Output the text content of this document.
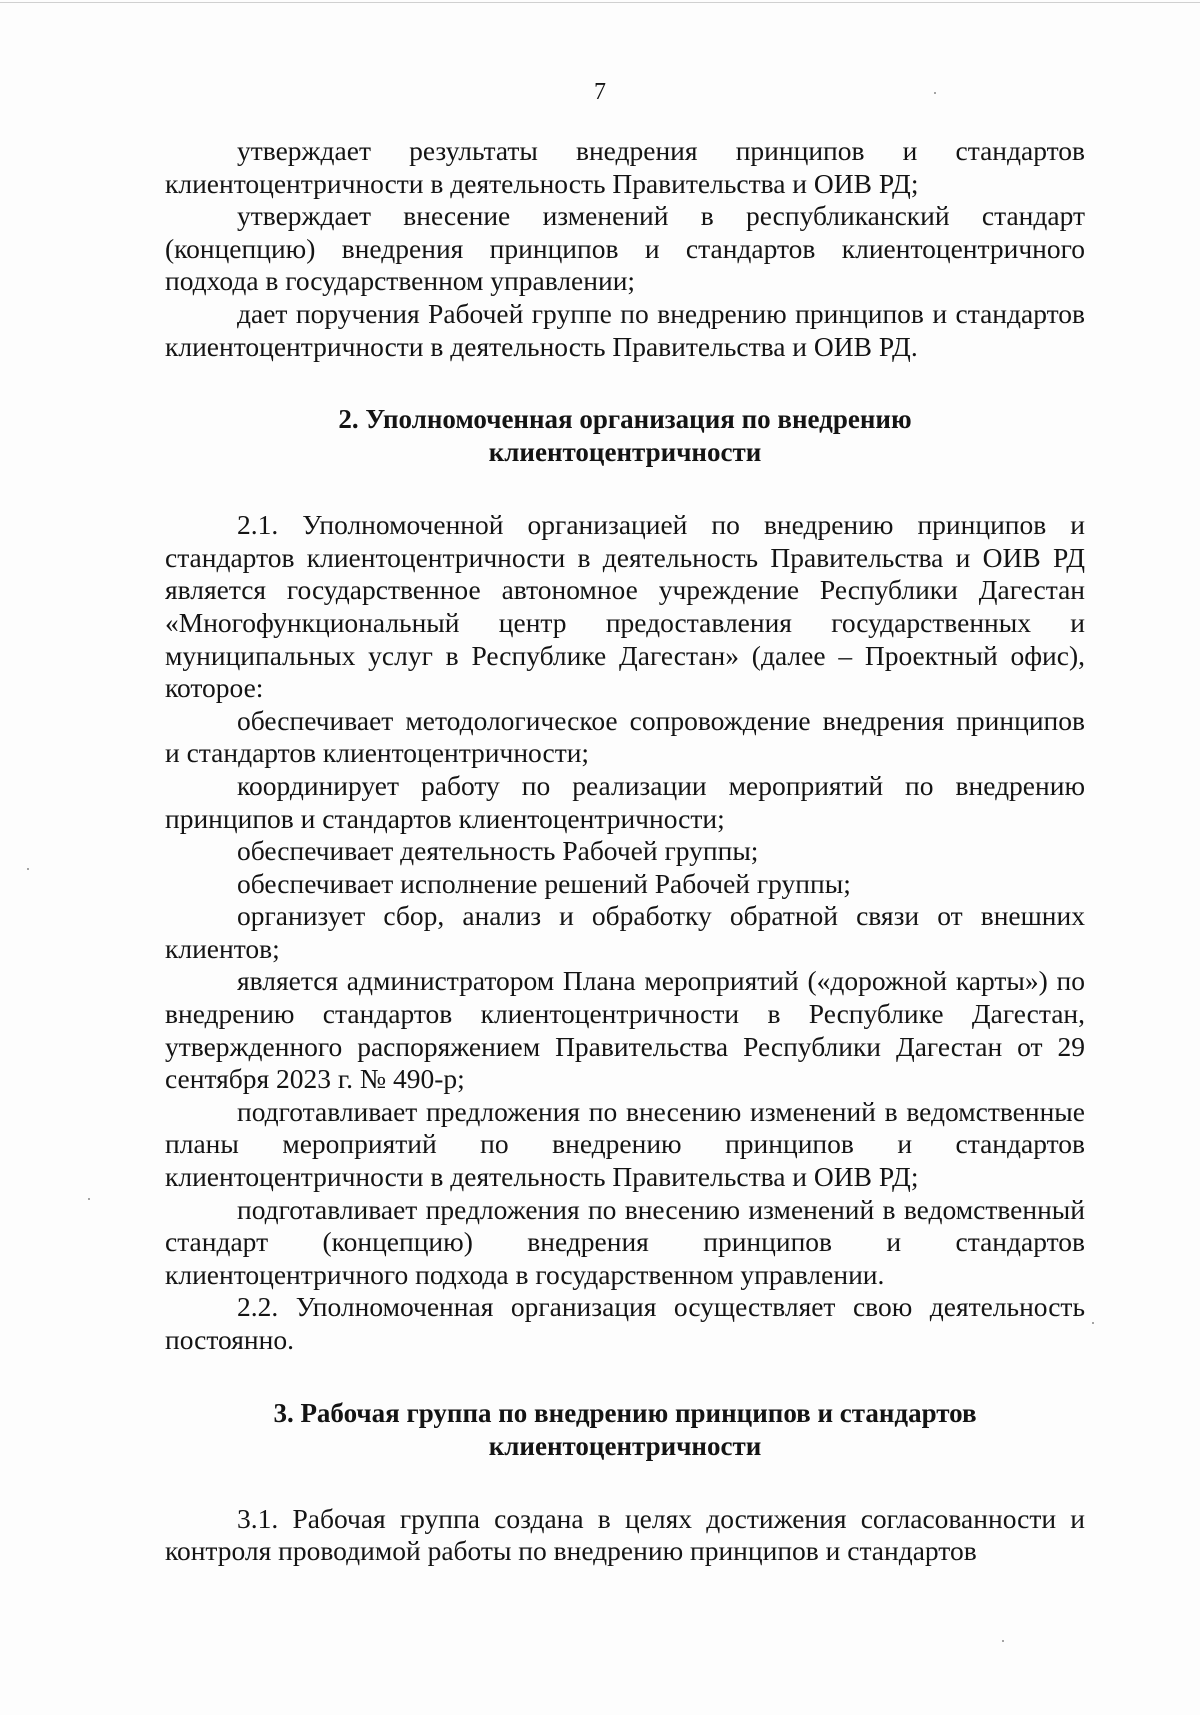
7

утверждает результаты внедрения принципов и стандартов клиентоцентричности в деятельность Правительства и ОИВ РД;

утверждает внесение изменений в республиканский стандарт (концепцию) внедрения принципов и стандартов клиентоцентричного подхода в государственном управлении;

дает поручения Рабочей группе по внедрению принципов и стандартов клиентоцентричности в деятельность Правительства и ОИВ РД.

2. Уполномоченная организация по внедрению
клиентоцентричности

2.1. Уполномоченной организацией по внедрению принципов и стандартов клиентоцентричности в деятельность Правительства и ОИВ РД является государственное автономное учреждение Республики Дагестан «Многофункциональный центр предоставления государственных и муниципальных услуг в Республике Дагестан» (далее – Проектный офис), которое:

обеспечивает методологическое сопровождение внедрения принципов и стандартов клиентоцентричности;

координирует работу по реализации мероприятий по внедрению принципов и стандартов клиентоцентричности;

обеспечивает деятельность Рабочей группы;

обеспечивает исполнение решений Рабочей группы;

организует сбор, анализ и обработку обратной связи от внешних клиентов;

является администратором Плана мероприятий («дорожной карты») по внедрению стандартов клиентоцентричности в Республике Дагестан, утвержденного распоряжением Правительства Республики Дагестан от 29 сентября 2023 г. № 490-р;

подготавливает предложения по внесению изменений в ведомственные планы мероприятий по внедрению принципов и стандартов клиентоцентричности в деятельность Правительства и ОИВ РД;

подготавливает предложения по внесению изменений в ведомственный стандарт (концепцию) внедрения принципов и стандартов клиентоцентричного подхода в государственном управлении.

2.2. Уполномоченная организация осуществляет свою деятельность постоянно.

3. Рабочая группа по внедрению принципов и стандартов
клиентоцентричности

3.1. Рабочая группа создана в целях достижения согласованности и контроля проводимой работы по внедрению принципов и стандартов
